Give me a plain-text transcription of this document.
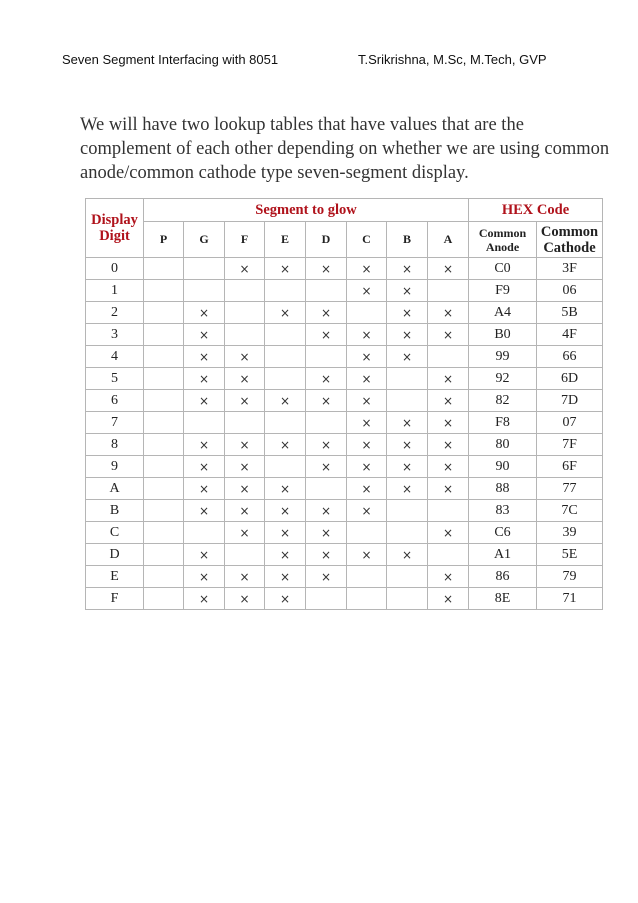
Seven Segment Interfacing with 8051	T.Srikrishna, M.Sc, M.Tech, GVP
We will have two lookup tables that have values that are the complement of each other depending on whether we are using common anode/common cathode type seven-segment display.
Display Digit	Segment to glow								HEX Code	
	P	G	F	E	D	C	B	A	Common Anode	Common Cathode

0			×	×	×	×	×	×	C0	3F
1						×	×		F9	06
2		×		×	×		×	×	A4	5B
3		×			×	×	×	×	B0	4F
4		×	×			×	×		99	66
5		×	×		×	×		×	92	6D
6		×	×	×	×	×		×	82	7D
7						×	×	×	F8	07
8		×	×	×	×	×	×	×	80	7F
9		×	×		×	×	×	×	90	6F
A		×	×	×		×	×	×	88	77
B		×	×	×	×	×			83	7C
C			×	×	×			×	C6	39
D		×		×	×	×	×		A1	5E
E		×	×	×	×			×	86	79
F		×	×	×				×	8E	71
